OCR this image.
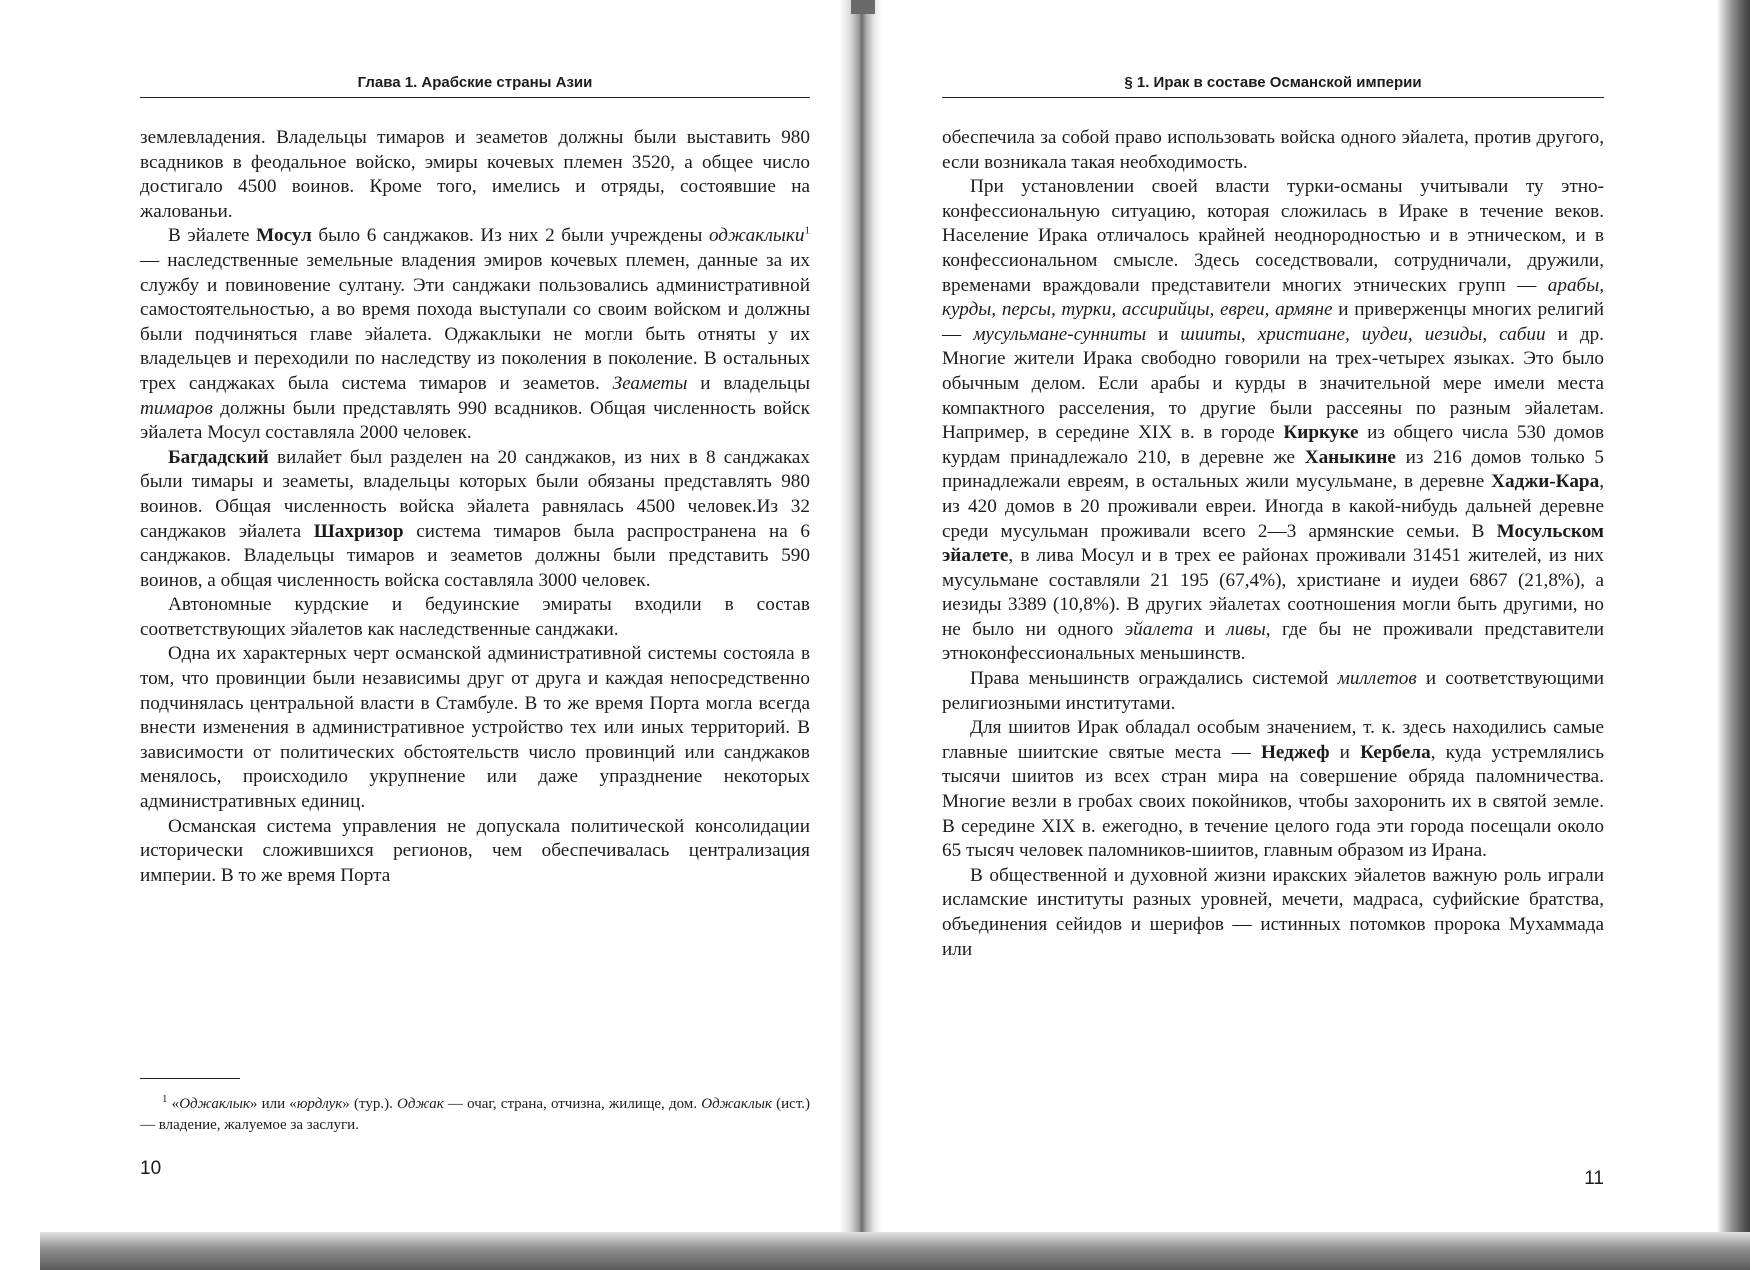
Глава 1. Арабские страны Азии

землевладения. Владельцы тимаров и зеаметов должны были выставить 980 всадников в феодальное войско, эмиры кочевых племен 3520, а общее число достигало 4500 воинов. Кроме того, имелись и отряды, состоявшие на жалованьи.

В эйалете Мосул было 6 санджаков. Из них 2 были учреждены оджаклыки$^1$ — наследственные земельные владения эмиров кочевых племен, данные за их службу и повиновение султану. Эти санджаки пользовались административной самостоятельностью, а во время похода выступали со своим войском и должны были подчиняться главе эйалета. Оджаклыки не могли быть отняты у их владельцев и переходили по наследству из поколения в поколение. В остальных трех санджаках была система тимаров и зеаметов. Зеаметы и владельцы тимаров должны были представлять 990 всадников. Общая численность войск эйалета Мосул составляла 2000 человек.

Багдадский вилайет был разделен на 20 санджаков, из них в 8 санджаках были тимары и зеаметы, владельцы которых были обязаны представлять 980 воинов. Общая численность войска эйалета равнялась 4500 человек.Из 32 санджаков эйалета Шахризор система тимаров была распространена на 6 санджаков. Владельцы тимаров и зеаметов должны были представить 590 воинов, а общая численность войска составляла 3000 человек.

Автономные курдские и бедуинские эмираты входили в состав соответствующих эйалетов как наследственные санджаки.

Одна их характерных черт османской административной системы состояла в том, что провинции были независимы друг от друга и каждая непосредственно подчинялась центральной власти в Стамбуле. В то же время Порта могла всегда внести изменения в административное устройство тех или иных территорий. В зависимости от политических обстоятельств число провинций или санджаков менялось, происходило укрупнение или даже упразднение некоторых административных единиц.

Османская система управления не допускала политической консолидации исторически сложившихся регионов, чем обеспечивалась централизация империи. В то же время Порта

$^1$ «Оджаклык» или «юрдлук» (тур.). Оджак — очаг, страна, отчизна, жилище, дом. Оджаклык (ист.) — владение, жалуемое за заслуги.

10
§ 1. Ирак в составе Османской империи

обеспечила за собой право использовать войска одного эйалета, против другого, если возникала такая необходимость.

При установлении своей власти турки-османы учитывали ту этно-конфессиональную ситуацию, которая сложилась в Ираке в течение веков. Население Ирака отличалось крайней неоднородностью и в этническом, и в конфессиональном смысле. Здесь соседствовали, сотрудничали, дружили, временами враждовали представители многих этнических групп — арабы, курды, персы, турки, ассирийцы, евреи, армяне и приверженцы многих религий — мусульмане-сунниты и шииты, христиане, иудеи, иезиды, сабии и др. Многие жители Ирака свободно говорили на трех-четырех языках. Это было обычным делом. Если арабы и курды в значительной мере имели места компактного расселения, то другие были рассеяны по разным эйалетам. Например, в середине XIX в. в городе Киркуке из общего числа 530 домов курдам принадлежало 210, в деревне же Ханыкине из 216 домов только 5 принадлежали евреям, в остальных жили мусульмане, в деревне Хаджи-Кара, из 420 домов в 20 проживали евреи. Иногда в какой-нибудь дальней деревне среди мусульман проживали всего 2—3 армянские семьи. В Мосульском эйалете, в лива Мосул и в трех ее районах проживали 31451 жителей, из них мусульмане составляли 21 195 (67,4%), христиане и иудеи 6867 (21,8%), а иезиды 3389 (10,8%). В других эйалетах соотношения могли быть другими, но не было ни одного эйалета и ливы, где бы не проживали представители этноконфессиональных меньшинств.

Права меньшинств ограждались системой миллетов и соответствующими религиозными институтами.

Для шиитов Ирак обладал особым значением, т. к. здесь находились самые главные шиитские святые места — Неджеф и Кербела, куда устремлялись тысячи шиитов из всех стран мира на совершение обряда паломничества. Многие везли в гробах своих покойников, чтобы захоронить их в святой земле. В середине XIX в. ежегодно, в течение целого года эти города посещали около 65 тысяч человек паломников-шиитов, главным образом из Ирана.

В общественной и духовной жизни иракских эйалетов важную роль играли исламские институты разных уровней, мечети, мадраса, суфийские братства, объединения сейидов и шерифов — истинных потомков пророка Мухаммада или

11
